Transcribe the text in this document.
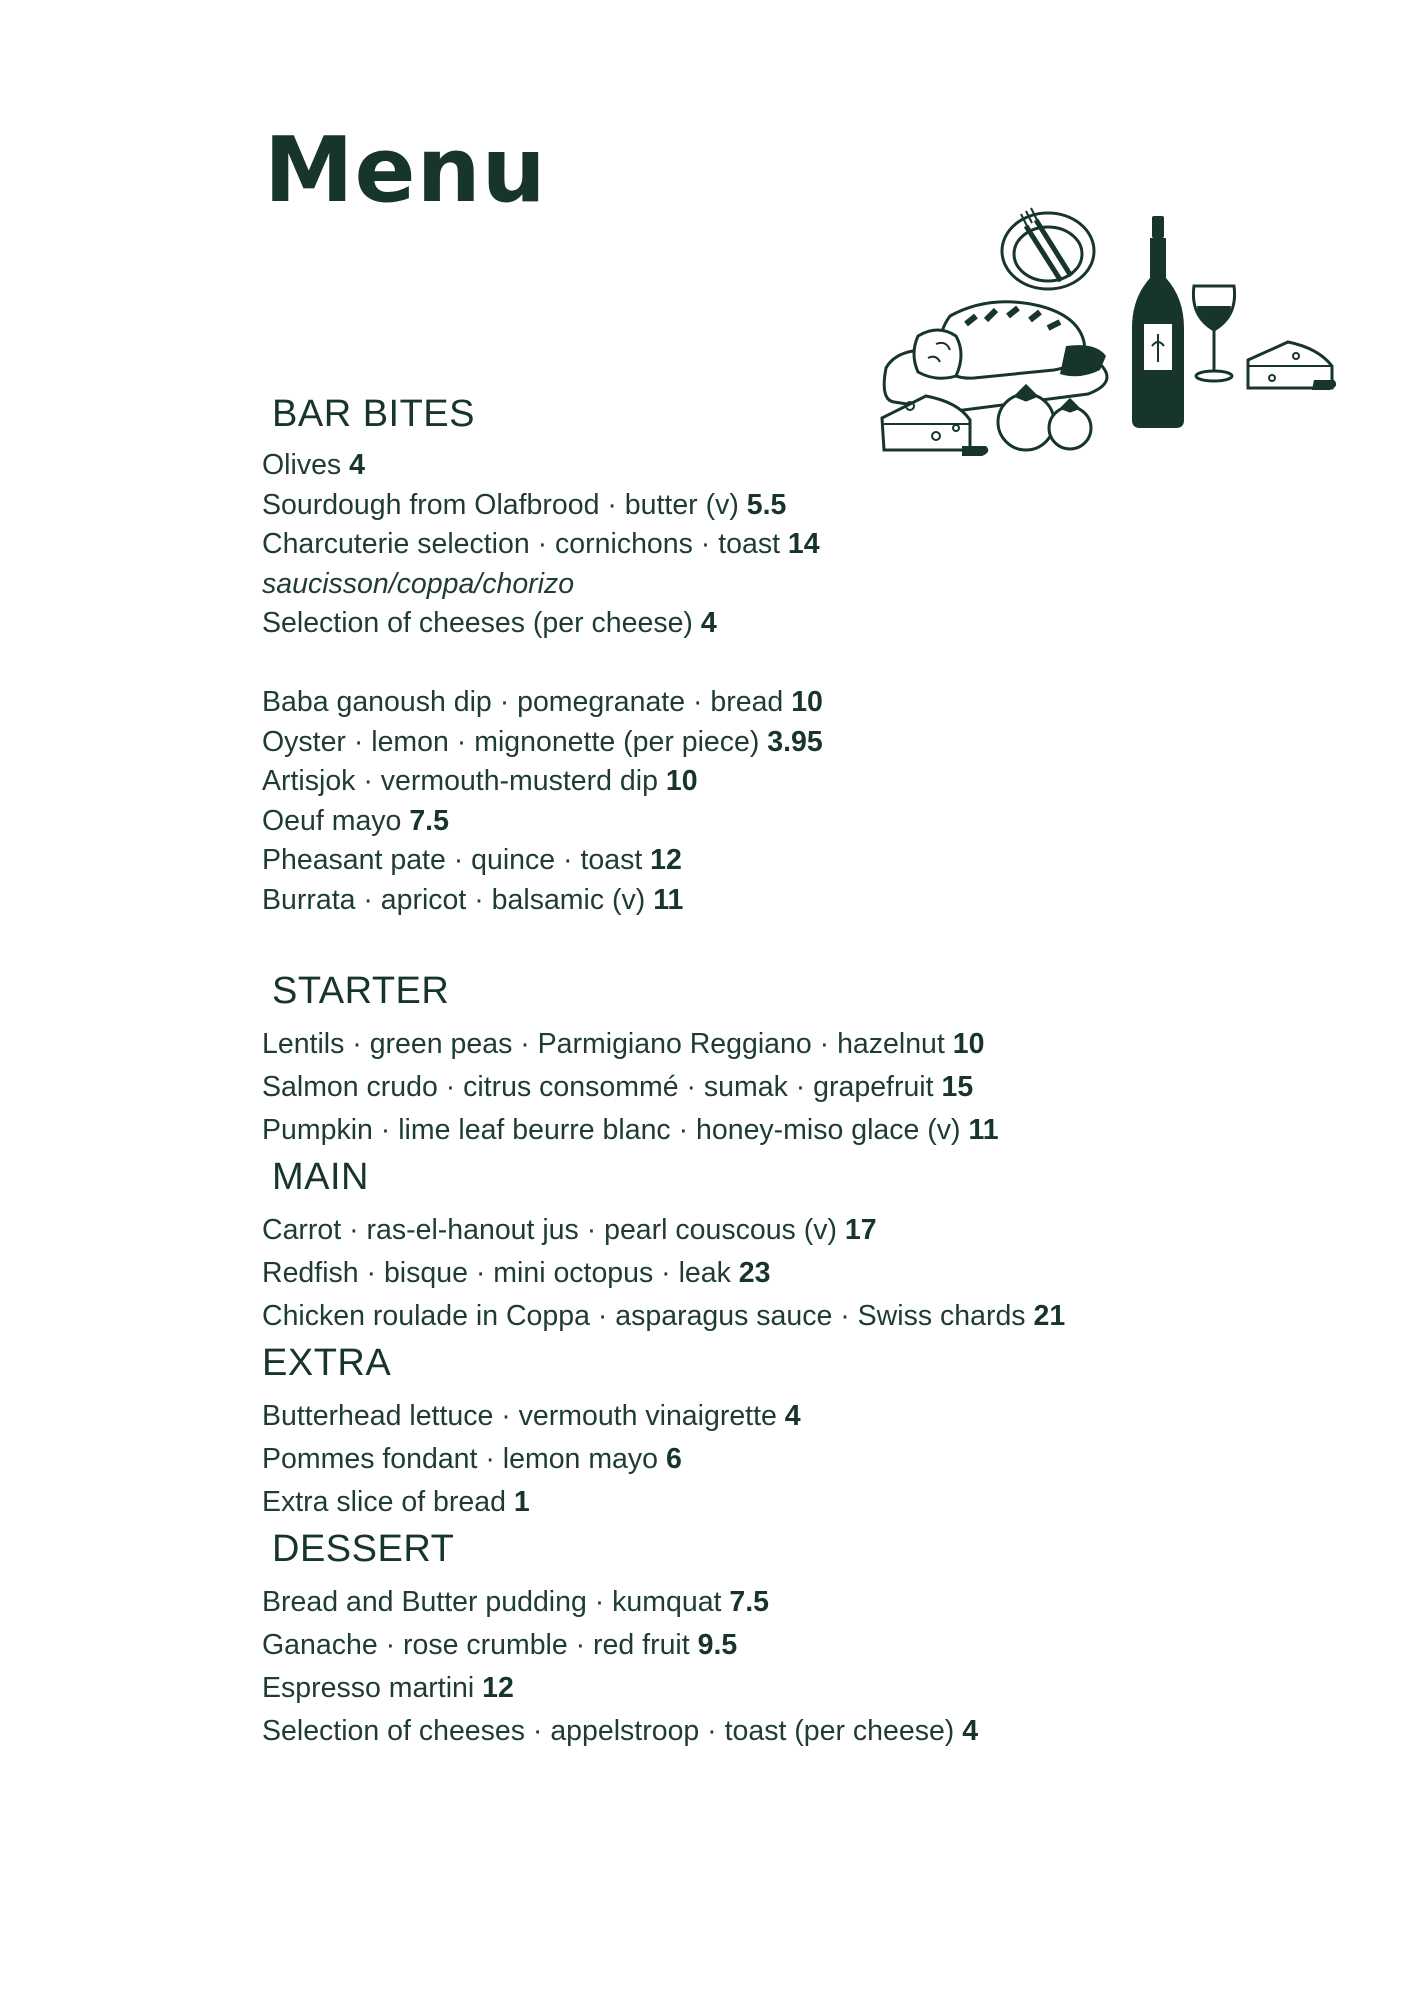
Menu
BAR BITES
Olives 4
Sourdough from Olafbrood · butter (v) 5.5
Charcuterie selection · cornichons · toast 14
saucisson/coppa/chorizo
Selection of cheeses (per cheese) 4
Baba ganoush dip · pomegranate · bread 10
Oyster · lemon · mignonette (per piece) 3.95
Artisjok · vermouth-musterd dip 10
Oeuf mayo 7.5
Pheasant pate · quince · toast 12
Burrata · apricot · balsamic (v) 11
STARTER
Lentils · green peas · Parmigiano Reggiano · hazelnut 10
Salmon crudo · citrus consommé · sumak · grapefruit 15
Pumpkin · lime leaf beurre blanc · honey-miso glace (v) 11
MAIN
Carrot · ras-el-hanout jus · pearl couscous (v) 17
Redfish · bisque · mini octopus · leak 23
Chicken roulade in Coppa · asparagus sauce · Swiss chards 21
EXTRA
Butterhead lettuce · vermouth vinaigrette 4
Pommes fondant · lemon mayo 6
Extra slice of bread 1
DESSERT
Bread and Butter pudding · kumquat 7.5
Ganache · rose crumble · red fruit 9.5
Espresso martini 12
Selection of cheeses · appelstroop · toast (per cheese) 4
